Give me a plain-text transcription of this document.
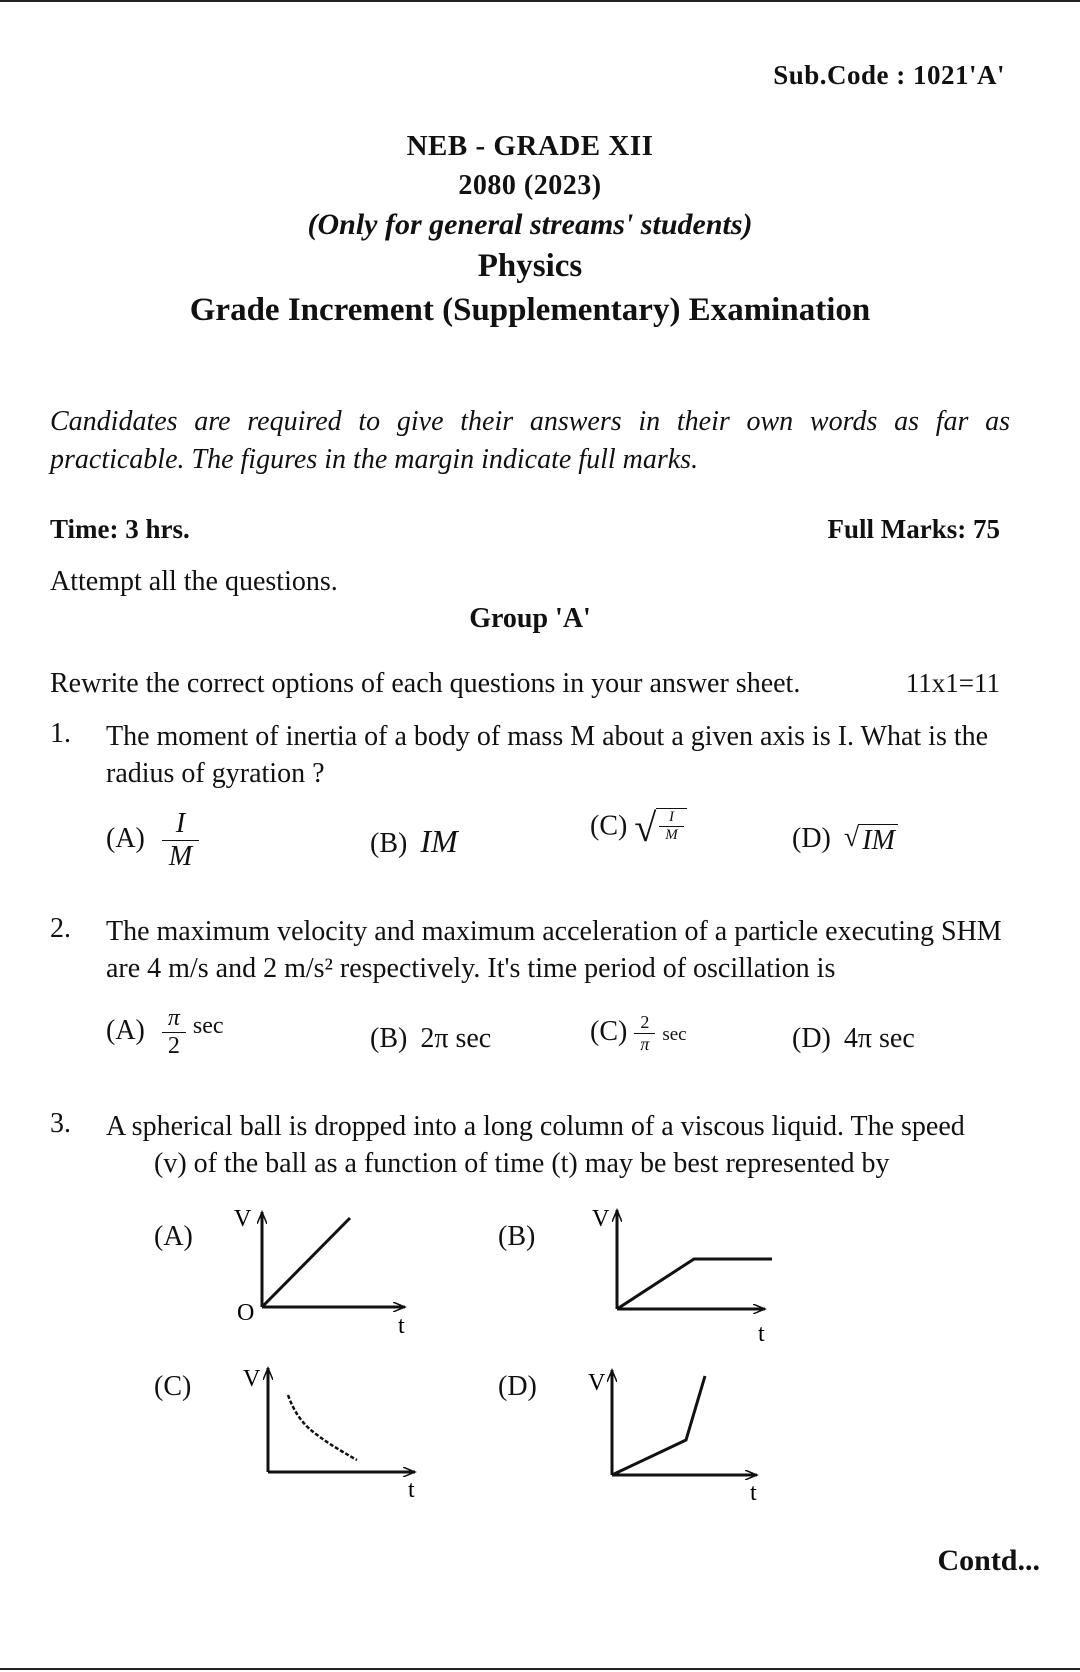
Sub.Code : 1021'A'
NEB - GRADE XII
2080 (2023)
(Only for general streams' students)
Physics
Grade Increment (Supplementary) Examination
Candidates are required to give their answers in their own words as far as practicable. The figures in the margin indicate full marks.
Time: 3 hrs.	Full Marks: 75
Attempt all the questions.
Group 'A'
Rewrite the correct options of each questions in your answer sheet.	11x1=11
1. The moment of inertia of a body of mass M about a given axis is I. What is the radius of gyration ?
$(A) \frac{I}{M}$	(B) IM	(C) √ $\frac{I}{M}$	(D) √ IM
2. The maximum velocity and maximum acceleration of a particle executing SHM are 4 m/s and 2 m/s² respectively. It's time period of oscillation is
$(A) \frac{\pi}{2}$ sec	(B) 2π sec	$(C) \frac{2}{\pi}$ sec	(D) 4π sec
3. A spherical ball is dropped into a long column of a viscous liquid. The speed
(v) of the ball as a function of time (t) may be best represented by
(A)	(B)
(C)	(D)
V
t
O
V
t
V
t
V
t
Contd...
